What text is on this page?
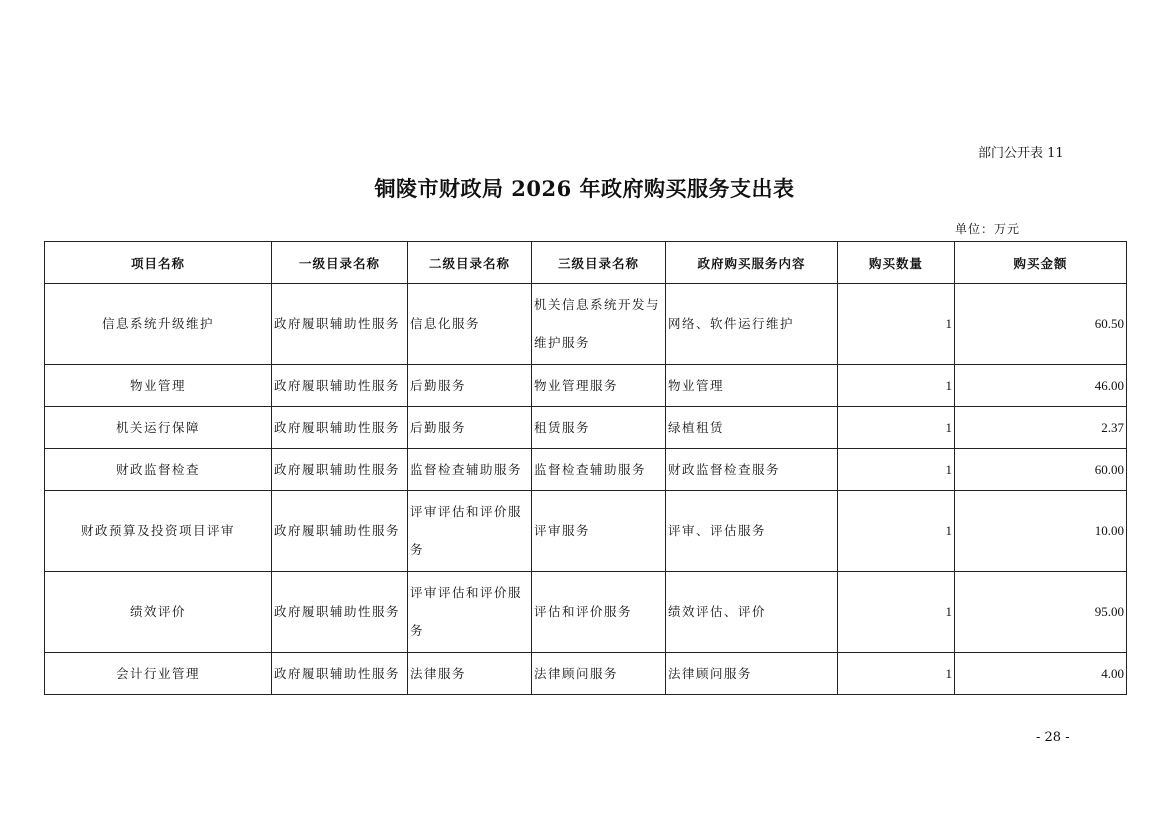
部门公开表 11
铜陵市财政局 2026 年政府购买服务支出表
单位：万元
项目名称	一级目录名称	二级目录名称	三级目录名称	政府购买服务内容	购买数量	购买金额
信息系统升级维护	政府履职辅助性服务	信息化服务	机关信息系统开发与维护服务	网络、软件运行维护	1	60.50
物业管理	政府履职辅助性服务	后勤服务	物业管理服务	物业管理	1	46.00
机关运行保障	政府履职辅助性服务	后勤服务	租赁服务	绿植租赁	1	2.37
财政监督检查	政府履职辅助性服务	监督检查辅助服务	监督检查辅助服务	财政监督检查服务	1	60.00
财政预算及投资项目评审	政府履职辅助性服务	评审评估和评价服务	评审服务	评审、评估服务	1	10.00
绩效评价	政府履职辅助性服务	评审评估和评价服务	评估和评价服务	绩效评估、评价	1	95.00
会计行业管理	政府履职辅助性服务	法律服务	法律顾问服务	法律顾问服务	1	4.00
- 28 -
